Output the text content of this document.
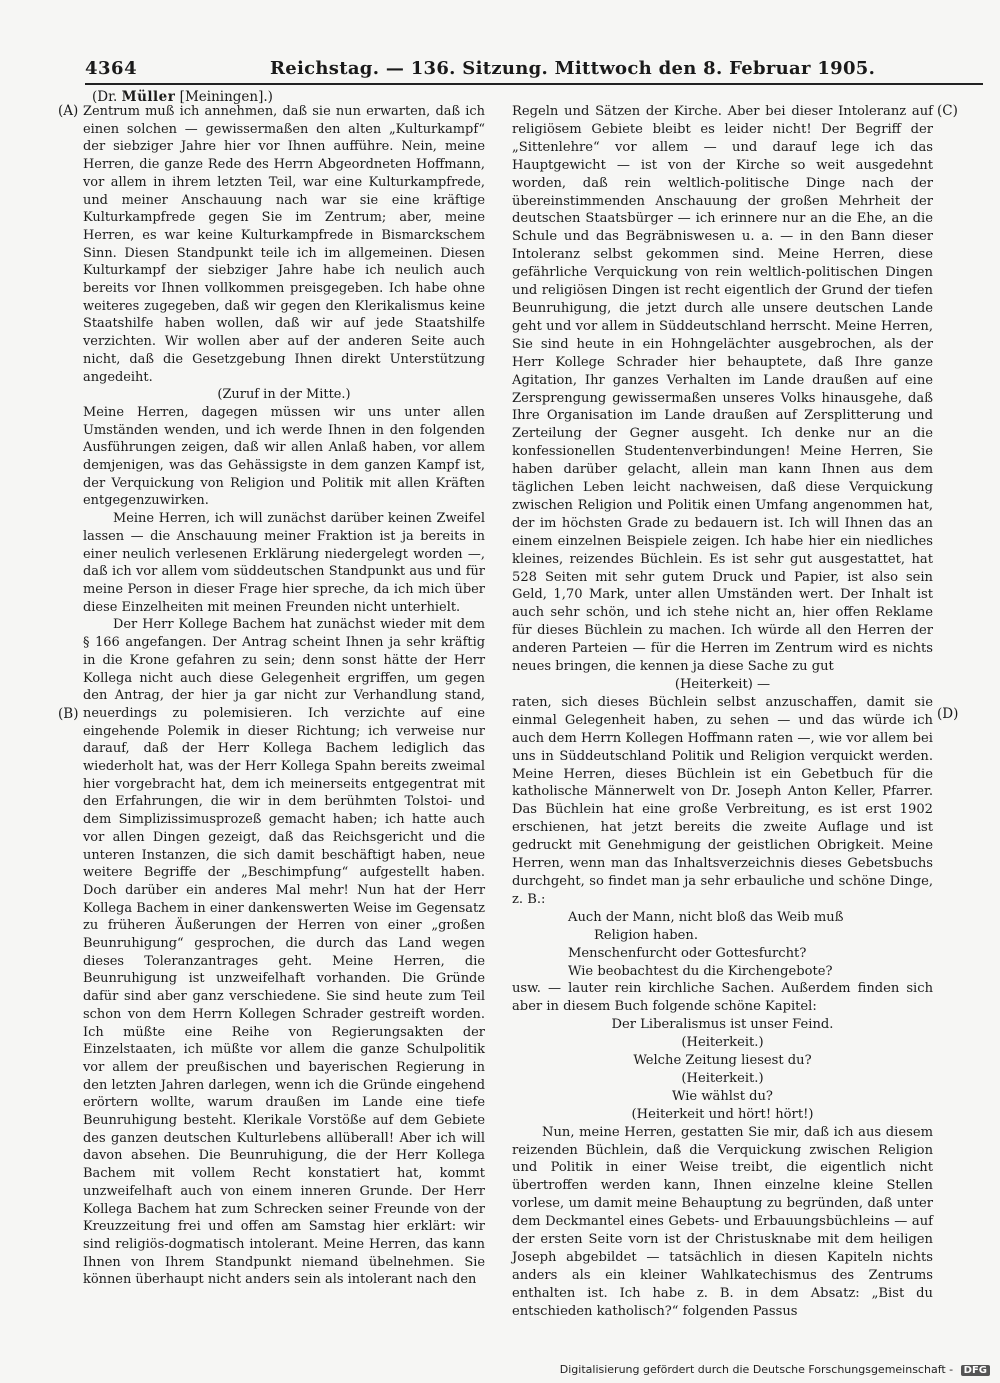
4364	Reichstag. — 136. Sitzung. Mittwoch den 8. Februar 1905.
(Dr. Müller [Meiningen].)
(A)
(B)
(C)
(D)

Zentrum muß ich annehmen, daß sie nun erwarten, daß ich einen solchen — gewissermaßen den alten „Kulturkampf“ der siebziger Jahre hier vor Ihnen aufführe. Nein, meine Herren, die ganze Rede des Herrn Abgeordneten Hoffmann, vor allem in ihrem letzten Teil, war eine Kulturkampfrede, und meiner Anschauung nach war sie eine kräftige Kulturkampfrede gegen Sie im Zentrum; aber, meine Herren, es war keine Kulturkampfrede in Bismarckschem Sinn. Diesen Standpunkt teile ich im allgemeinen. Diesen Kulturkampf der siebziger Jahre habe ich neulich auch bereits vor Ihnen vollkommen preisgegeben. Ich habe ohne weiteres zugegeben, daß wir gegen den Klerikalismus keine Staatshilfe haben wollen, daß wir auf jede Staatshilfe verzichten. Wir wollen aber auf der anderen Seite auch nicht, daß die Gesetzgebung Ihnen direkt Unterstützung angedeiht.

(Zuruf in der Mitte.)

Meine Herren, dagegen müssen wir uns unter allen Umständen wenden, und ich werde Ihnen in den folgenden Ausführungen zeigen, daß wir allen Anlaß haben, vor allem demjenigen, was das Gehässigste in dem ganzen Kampf ist, der Verquickung von Religion und Politik mit allen Kräften entgegenzuwirken.

Meine Herren, ich will zunächst darüber keinen Zweifel lassen — die Anschauung meiner Fraktion ist ja bereits in einer neulich verlesenen Erklärung niedergelegt worden —, daß ich vor allem vom süddeutschen Standpunkt aus und für meine Person in dieser Frage hier spreche, da ich mich über diese Einzelheiten mit meinen Freunden nicht unterhielt.

Der Herr Kollege Bachem hat zunächst wieder mit dem § 166 angefangen. Der Antrag scheint Ihnen ja sehr kräftig in die Krone gefahren zu sein; denn sonst hätte der Herr Kollega nicht auch diese Gelegenheit ergriffen, um gegen den Antrag, der hier ja gar nicht zur Verhandlung stand, neuerdings zu polemisieren. Ich verzichte auf eine eingehende Polemik in dieser Richtung; ich verweise nur darauf, daß der Herr Kollega Bachem lediglich das wiederholt hat, was der Herr Kollega Spahn bereits zweimal hier vorgebracht hat, dem ich meinerseits entgegentrat mit den Erfahrungen, die wir in dem berühmten Tolstoi- und dem Simplizissimusprozeß gemacht haben; ich hatte auch vor allen Dingen gezeigt, daß das Reichsgericht und die unteren Instanzen, die sich damit beschäftigt haben, neue weitere Begriffe der „Beschimpfung“ aufgestellt haben. Doch darüber ein anderes Mal mehr! Nun hat der Herr Kollega Bachem in einer dankenswerten Weise im Gegensatz zu früheren Äußerungen der Herren von einer „großen Beunruhigung“ gesprochen, die durch das Land wegen dieses Toleranzantrages geht. Meine Herren, die Beunruhigung ist unzweifelhaft vorhanden. Die Gründe dafür sind aber ganz verschiedene. Sie sind heute zum Teil schon von dem Herrn Kollegen Schrader gestreift worden. Ich müßte eine Reihe von Regierungsakten der Einzelstaaten, ich müßte vor allem die ganze Schulpolitik vor allem der preußischen und bayerischen Regierung in den letzten Jahren darlegen, wenn ich die Gründe eingehend erörtern wollte, warum draußen im Lande eine tiefe Beunruhigung besteht. Klerikale Vorstöße auf dem Gebiete des ganzen deutschen Kulturlebens allüberall! Aber ich will davon absehen. Die Beunruhigung, die der Herr Kollega Bachem mit vollem Recht konstatiert hat, kommt unzweifelhaft auch von einem inneren Grunde. Der Herr Kollega Bachem hat zum Schrecken seiner Freunde von der Kreuzzeitung frei und offen am Samstag hier erklärt: wir sind religiös-dogmatisch intolerant. Meine Herren, das kann Ihnen von Ihrem Standpunkt niemand übelnehmen. Sie können überhaupt nicht anders sein als intolerant nach den

Regeln und Sätzen der Kirche. Aber bei dieser Intoleranz auf religiösem Gebiete bleibt es leider nicht! Der Begriff der „Sittenlehre“ vor allem — und darauf lege ich das Hauptgewicht — ist von der Kirche so weit ausgedehnt worden, daß rein weltlich-politische Dinge nach der übereinstimmenden Anschauung der großen Mehrheit der deutschen Staatsbürger — ich erinnere nur an die Ehe, an die Schule und das Begräbniswesen u. a. — in den Bann dieser Intoleranz selbst gekommen sind. Meine Herren, diese gefährliche Verquickung von rein weltlich-politischen Dingen und religiösen Dingen ist recht eigentlich der Grund der tiefen Beunruhigung, die jetzt durch alle unsere deutschen Lande geht und vor allem in Süddeutschland herrscht. Meine Herren, Sie sind heute in ein Hohngelächter ausgebrochen, als der Herr Kollege Schrader hier behauptete, daß Ihre ganze Agitation, Ihr ganzes Verhalten im Lande draußen auf eine Zersprengung gewissermaßen unseres Volks hinausgehe, daß Ihre Organisation im Lande draußen auf Zersplitterung und Zerteilung der Gegner ausgeht. Ich denke nur an die konfessionellen Studentenverbindungen! Meine Herren, Sie haben darüber gelacht, allein man kann Ihnen aus dem täglichen Leben leicht nachweisen, daß diese Verquickung zwischen Religion und Politik einen Umfang angenommen hat, der im höchsten Grade zu bedauern ist. Ich will Ihnen das an einem einzelnen Beispiele zeigen. Ich habe hier ein niedliches kleines, reizendes Büchlein. Es ist sehr gut ausgestattet, hat 528 Seiten mit sehr gutem Druck und Papier, ist also sein Geld, 1,70 Mark, unter allen Umständen wert. Der Inhalt ist auch sehr schön, und ich stehe nicht an, hier offen Reklame für dieses Büchlein zu machen. Ich würde all den Herren der anderen Parteien — für die Herren im Zentrum wird es nichts neues bringen, die kennen ja diese Sache zu gut

(Heiterkeit) —

raten, sich dieses Büchlein selbst anzuschaffen, damit sie einmal Gelegenheit haben, zu sehen — und das würde ich auch dem Herrn Kollegen Hoffmann raten —, wie vor allem bei uns in Süddeutschland Politik und Religion verquickt werden. Meine Herren, dieses Büchlein ist ein Gebetbuch für die katholische Männerwelt von Dr. Joseph Anton Keller, Pfarrer. Das Büchlein hat eine große Verbreitung, es ist erst 1902 erschienen, hat jetzt bereits die zweite Auflage und ist gedruckt mit Genehmigung der geistlichen Obrigkeit. Meine Herren, wenn man das Inhaltsverzeichnis dieses Gebetsbuchs durchgeht, so findet man ja sehr erbauliche und schöne Dinge, z. B.:

Auch der Mann, nicht bloß das Weib muß

Religion haben.

Menschenfurcht oder Gottesfurcht?

Wie beobachtest du die Kirchengebote?

usw. — lauter rein kirchliche Sachen. Außerdem finden sich aber in diesem Buch folgende schöne Kapitel:

Der Liberalismus ist unser Feind.

(Heiterkeit.)

Welche Zeitung liesest du?

(Heiterkeit.)

Wie wählst du?

(Heiterkeit und hört! hört!)

Nun, meine Herren, gestatten Sie mir, daß ich aus diesem reizenden Büchlein, daß die Verquickung zwischen Religion und Politik in einer Weise treibt, die eigentlich nicht übertroffen werden kann, Ihnen einzelne kleine Stellen vorlese, um damit meine Behauptung zu begründen, daß unter dem Deckmantel eines Gebets- und Erbauungsbüchleins — auf der ersten Seite vorn ist der Christusknabe mit dem heiligen Joseph abgebildet — tatsächlich in diesen Kapiteln nichts anders als ein kleiner Wahlkatechismus des Zentrums enthalten ist. Ich habe z. B. in dem Absatz: „Bist du entschieden katholisch?“ folgenden Passus

Digitalisierung gefördert durch die Deutsche Forschungsgemeinschaft - DFG
